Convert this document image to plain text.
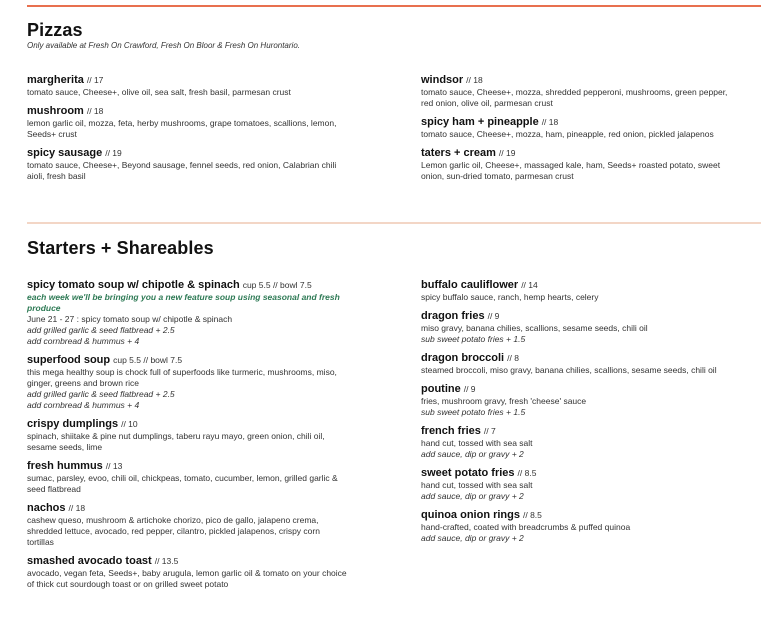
Pizzas
Only available at Fresh On Crawford, Fresh On Bloor & Fresh On Hurontario.
margherita // 17
tomato sauce, Cheese+, olive oil, sea salt, fresh basil, parmesan crust
mushroom // 18
lemon garlic oil, mozza, feta, herby mushrooms, grape tomatoes, scallions, lemon,
Seeds+ crust
spicy sausage // 19
tomato sauce, Cheese+, Beyond sausage, fennel seeds, red onion, Calabrian chili
aioli, fresh basil
windsor // 18
tomato sauce, Cheese+, mozza, shredded pepperoni, mushrooms, green pepper,
red onion, olive oil, parmesan crust
spicy ham + pineapple // 18
tomato sauce, Cheese+, mozza, ham, pineapple, red onion, pickled jalapenos
taters + cream // 19
Lemon garlic oil, Cheese+, massaged kale, ham, Seeds+ roasted potato, sweet
onion, sun-dried tomato, parmesan crust
Starters + Shareables
spicy tomato soup w/ chipotle & spinach cup 5.5 // bowl 7.5
each week we'll be bringing you a new feature soup using seasonal and fresh
produce
June 21 - 27 : spicy tomato soup w/ chipotle & spinach
add grilled garlic & seed flatbread + 2.5
add cornbread & hummus + 4
superfood soup cup 5.5 // bowl 7.5
this mega healthy soup is chock full of superfoods like turmeric, mushrooms, miso,
ginger, greens and brown rice
add grilled garlic & seed flatbread + 2.5
add cornbread & hummus + 4
crispy dumplings // 10
spinach, shiitake & pine nut dumplings, taberu rayu mayo, green onion, chili oil,
sesame seeds, lime
fresh hummus // 13
sumac, parsley, evoo, chili oil, chickpeas, tomato, cucumber, lemon, grilled garlic &
seed flatbread
nachos // 18
cashew queso, mushroom & artichoke chorizo, pico de gallo, jalapeno crema,
shredded lettuce, avocado, red pepper, cilantro, pickled jalapenos, crispy corn
tortillas
smashed avocado toast // 13.5
avocado, vegan feta, Seeds+, baby arugula, lemon garlic oil & tomato on your choice
of thick cut sourdough toast or on grilled sweet potato
buffalo cauliflower // 14
spicy buffalo sauce, ranch, hemp hearts, celery
dragon fries // 9
miso gravy, banana chilies, scallions, sesame seeds, chili oil
sub sweet potato fries + 1.5
dragon broccoli // 8
steamed broccoli, miso gravy, banana chilies, scallions, sesame seeds, chili oil
poutine // 9
fries, mushroom gravy, fresh 'cheese' sauce
sub sweet potato fries + 1.5
french fries // 7
hand cut, tossed with sea salt
add sauce, dip or gravy + 2
sweet potato fries // 8.5
hand cut, tossed with sea salt
add sauce, dip or gravy + 2
quinoa onion rings // 8.5
hand-crafted, coated with breadcrumbs & puffed quinoa
add sauce, dip or gravy + 2
